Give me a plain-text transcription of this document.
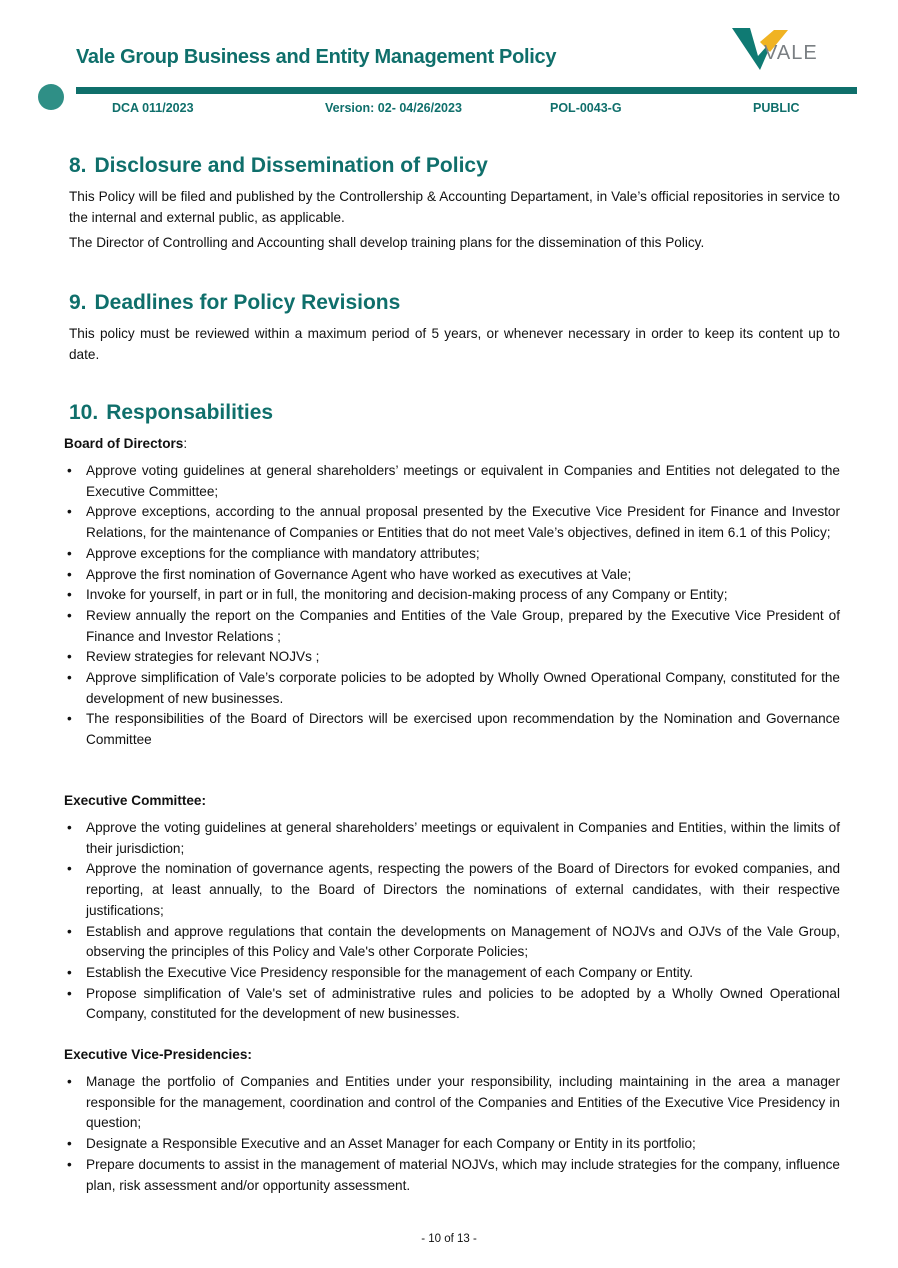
Vale Group Business and Entity Management Policy	VALE
DCA 011/2023	Version: 02- 04/26/2023	POL-0043-G	PUBLIC
8. Disclosure and Dissemination of Policy

This Policy will be filed and published by the Controllership & Accounting Departament, in Vale’s official repositories in service to the internal and external public, as applicable.

The Director of Controlling and Accounting shall develop training plans for the dissemination of this Policy.

9. Deadlines for Policy Revisions

This policy must be reviewed within a maximum period of 5 years, or whenever necessary in order to keep its content up to date.

10. Responsabilities
Board of Directors:
• Approve voting guidelines at general shareholders’ meetings or equivalent in Companies and Entities not delegated to the Executive Committee;
• Approve exceptions, according to the annual proposal presented by the Executive Vice President for Finance and Investor Relations, for the maintenance of Companies or Entities that do not meet Vale’s objectives, defined in item 6.1 of this Policy;
• Approve exceptions for the compliance with mandatory attributes;
• Approve the first nomination of Governance Agent who have worked as executives at Vale;
• Invoke for yourself, in part or in full, the monitoring and decision-making process of any Company or Entity;
• Review annually the report on the Companies and Entities of the Vale Group, prepared by the Executive Vice President of Finance and Investor Relations ;
• Review strategies for relevant NOJVs ;
• Approve simplification of Vale’s corporate policies to be adopted by Wholly Owned Operational Company, constituted for the development of new businesses.
• The responsibilities of the Board of Directors will be exercised upon recommendation by the Nomination and Governance Committee
Executive Committee:
• Approve the voting guidelines at general shareholders’ meetings or equivalent in Companies and Entities, within the limits of their jurisdiction;
• Approve the nomination of governance agents, respecting the powers of the Board of Directors for evoked companies, and reporting, at least annually, to the Board of Directors the nominations of external candidates, with their respective justifications;
• Establish and approve regulations that contain the developments on Management of NOJVs and OJVs of the Vale Group, observing the principles of this Policy and Vale's other Corporate Policies;
• Establish the Executive Vice Presidency responsible for the management of each Company or Entity.
• Propose simplification of Vale's set of administrative rules and policies to be adopted by a Wholly Owned Operational Company, constituted for the development of new businesses.
Executive Vice-Presidencies:
• Manage the portfolio of Companies and Entities under your responsibility, including maintaining in the area a manager responsible for the management, coordination and control of the Companies and Entities of the Executive Vice Presidency in question;
• Designate a Responsible Executive and an Asset Manager for each Company or Entity in its portfolio;
• Prepare documents to assist in the management of material NOJVs, which may include strategies for the company, influence plan, risk assessment and/or opportunity assessment.
- 10 of 13 -
